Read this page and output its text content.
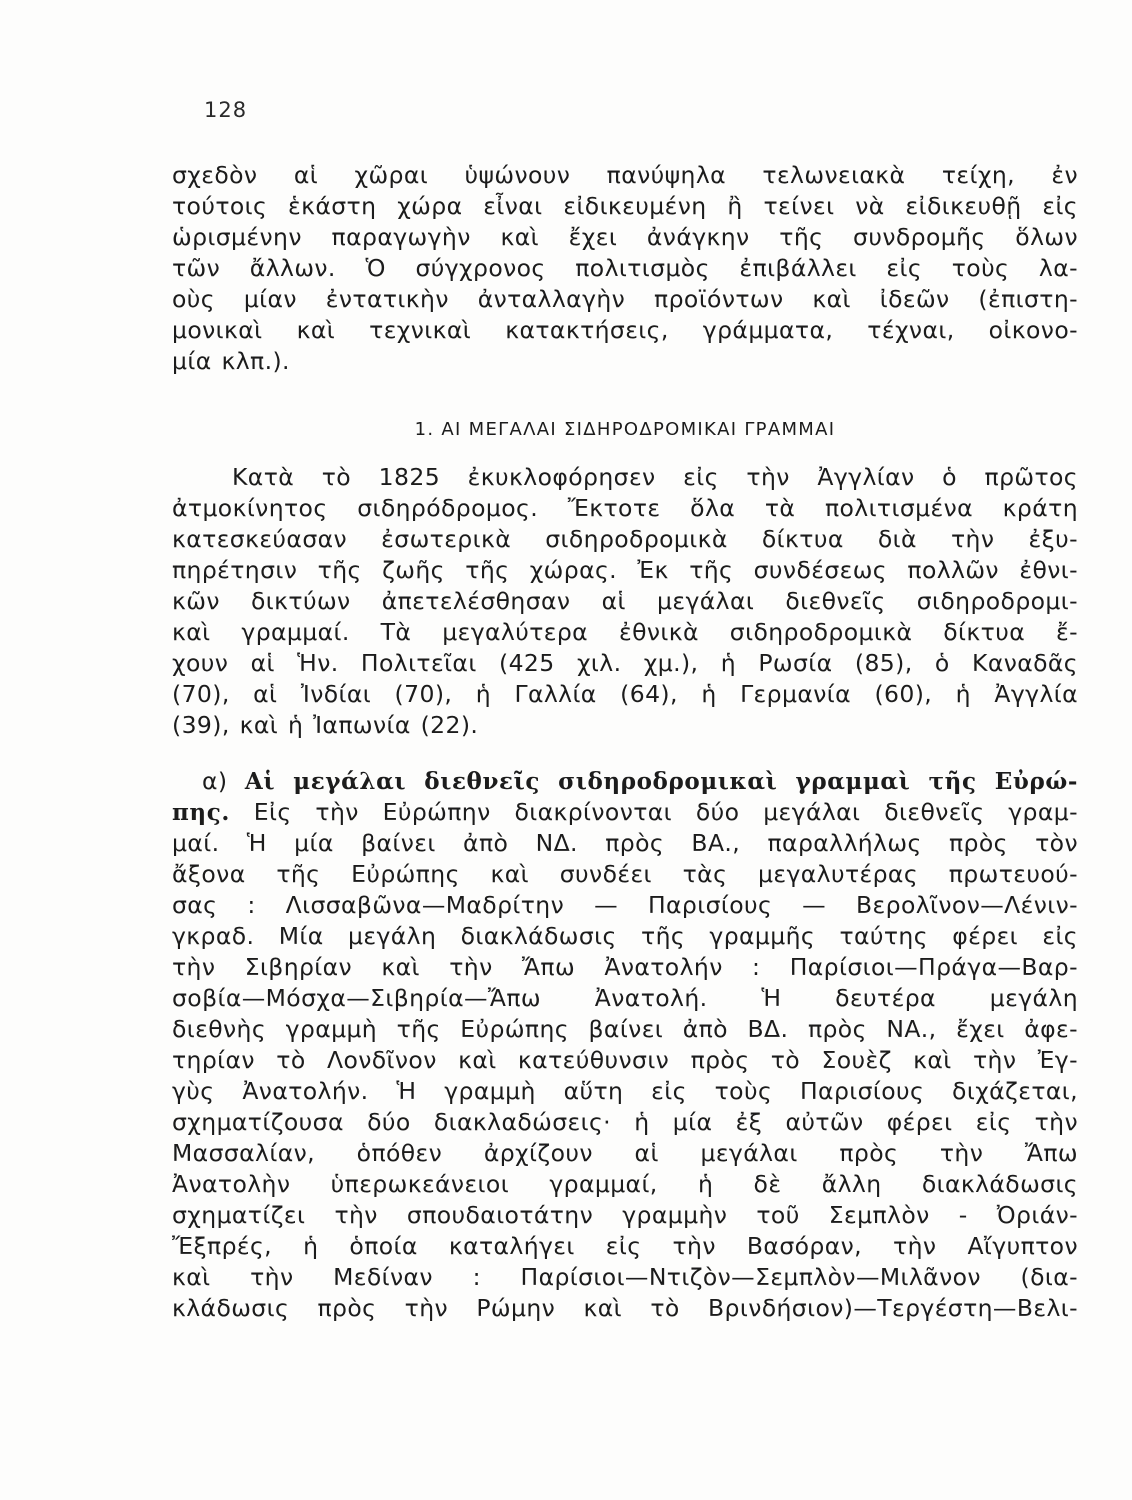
128
σχεδὸν αἱ χῶραι ὑψώνουν πανύψηλα τελωνειακὰ τείχη, ἐν
τούτοις ἑκάστη χώρα εἶναι εἰδικευμένη ἢ τείνει νὰ εἰδικευθῇ εἰς
ὡρισμένην παραγωγὴν καὶ ἔχει ἀνάγκην τῆς συνδρομῆς ὅλων
τῶν ἄλλων. Ὁ σύγχρονος πολιτισμὸς ἐπιβάλλει εἰς τοὺς λα-
οὺς μίαν ἐντατικὴν ἀνταλλαγὴν προϊόντων καὶ ἰδεῶν (ἐπιστη-
μονικαὶ καὶ τεχνικαὶ κατακτήσεις, γράμματα, τέχναι, οἰκονο-
μία κλπ.).
1. ΑΙ ΜΕΓΑΛΑΙ ΣΙΔΗΡΟΔΡΟΜΙΚΑΙ ΓΡΑΜΜΑΙ
Κατὰ τὸ 1825 ἐκυκλοφόρησεν εἰς τὴν Ἀγγλίαν ὁ πρῶτος
ἀτμοκίνητος σιδηρόδρομος. Ἔκτοτε ὅλα τὰ πολιτισμένα κράτη
κατεσκεύασαν ἐσωτερικὰ σιδηροδρομικὰ δίκτυα διὰ τὴν ἐξυ-
πηρέτησιν τῆς ζωῆς τῆς χώρας. Ἐκ τῆς συνδέσεως πολλῶν ἐθνι-
κῶν δικτύων ἀπετελέσθησαν αἱ μεγάλαι διεθνεῖς σιδηροδρομι-
καὶ γραμμαί. Τὰ μεγαλύτερα ἐθνικὰ σιδηροδρομικὰ δίκτυα ἔ-
χουν αἱ Ἡν. Πολιτεῖαι (425 χιλ. χμ.), ἡ Ρωσία (85), ὁ Καναδᾶς
(70), αἱ Ἰνδίαι (70), ἡ Γαλλία (64), ἡ Γερμανία (60), ἡ Ἀγγλία
(39), καὶ ἡ Ἰαπωνία (22).
α) Αἱ μεγάλαι διεθνεῖς σιδηροδρομικαὶ γραμμαὶ τῆς Εὐρώ-
πης. Εἰς τὴν Εὐρώπην διακρίνονται δύο μεγάλαι διεθνεῖς γραμ-
μαί. Ἡ μία βαίνει ἀπὸ ΝΔ. πρὸς ΒΑ., παραλλήλως πρὸς τὸν
ἄξονα τῆς Εὐρώπης καὶ συνδέει τὰς μεγαλυτέρας πρωτευού-
σας : Λισσαβῶνα—Μαδρίτην — Παρισίους — Βερολῖνον—Λένιν-
γκραδ. Μία μεγάλη διακλάδωσις τῆς γραμμῆς ταύτης φέρει εἰς
τὴν Σιβηρίαν καὶ τὴν Ἄπω Ἀνατολήν : Παρίσιοι—Πράγα—Βαρ-
σοβία—Μόσχα—Σιβηρία—Ἄπω Ἀνατολή. Ἡ δευτέρα μεγάλη
διεθνὴς γραμμὴ τῆς Εὐρώπης βαίνει ἀπὸ ΒΔ. πρὸς ΝΑ., ἔχει ἀφε-
τηρίαν τὸ Λονδῖνον καὶ κατεύθυνσιν πρὸς τὸ Σουὲζ καὶ τὴν Ἐγ-
γὺς Ἀνατολήν. Ἡ γραμμὴ αὕτη εἰς τοὺς Παρισίους διχάζεται,
σχηματίζουσα δύο διακλαδώσεις· ἡ μία ἐξ αὐτῶν φέρει εἰς τὴν
Μασσαλίαν, ὁπόθεν ἀρχίζουν αἱ μεγάλαι πρὸς τὴν Ἄπω
Ἀνατολὴν ὑπερωκεάνειοι γραμμαί, ἡ δὲ ἄλλη διακλάδωσις
σχηματίζει τὴν σπουδαιοτάτην γραμμὴν τοῦ Σεμπλὸν - Ὀριάν-
Ἔξπρές, ἡ ὁποία καταλήγει εἰς τὴν Βασόραν, τὴν Αἴγυπτον
καὶ τὴν Μεδίναν : Παρίσιοι—Ντιζὸν—Σεμπλὸν—Μιλᾶνον (δια-
κλάδωσις πρὸς τὴν Ρώμην καὶ τὸ Βρινδήσιον)—Τεργέστη—Βελι-
